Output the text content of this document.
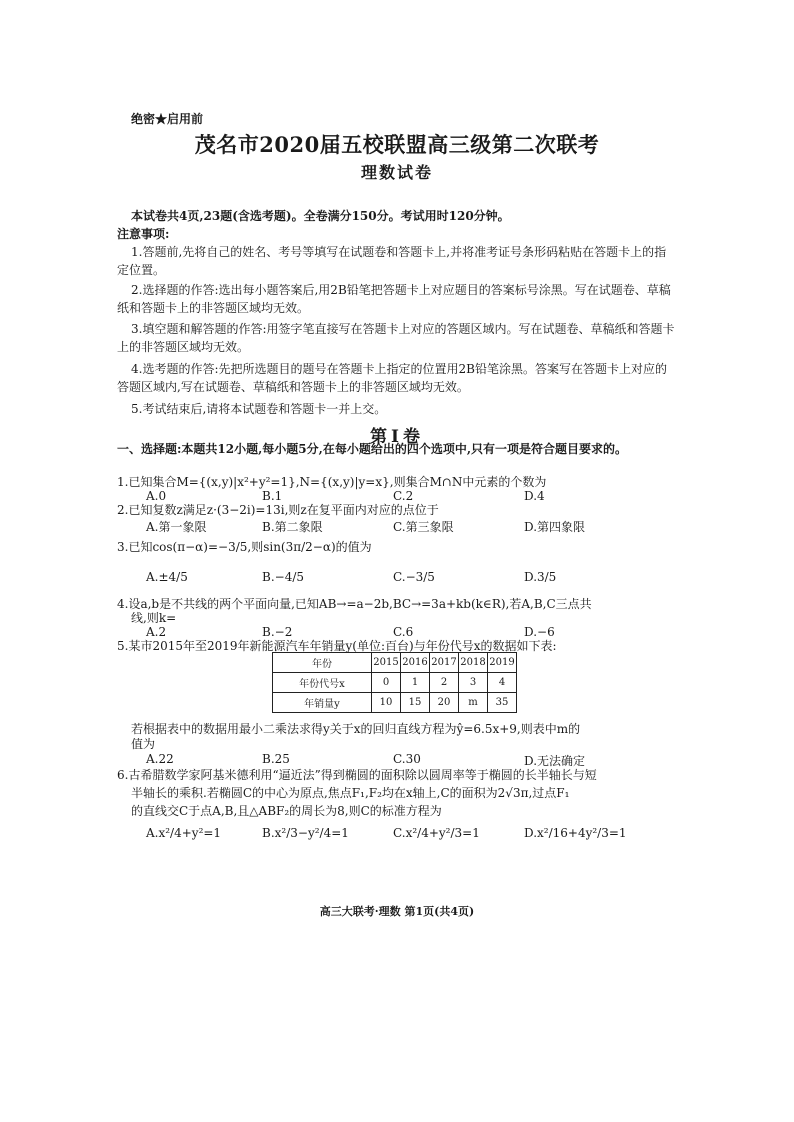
绝密★启用前
茂名市2020届五校联盟高三级第二次联考
理数试卷
本试卷共4页,23题(含选考题)。全卷满分150分。考试用时120分钟。
注意事项:
1.答题前,先将自己的姓名、考号等填写在试题卷和答题卡上,并将准考证号条形码粘贴在答题卡上的指定位置。
2.选择题的作答:选出每小题答案后,用2B铅笔把答题卡上对应题目的答案标号涂黑。写在试题卷、草稿纸和答题卡上的非答题区域均无效。
3.填空题和解答题的作答:用签字笔直接写在答题卡上对应的答题区域内。写在试题卷、草稿纸和答题卡上的非答题区域均无效。
4.选考题的作答:先把所选题目的题号在答题卡上指定的位置用2B铅笔涂黑。答案写在答题卡上对应的答题区域内,写在试题卷、草稿纸和答题卡上的非答题区域均无效。
5.考试结束后,请将本试题卷和答题卡一并上交。
第Ⅰ卷
一、选择题:本题共12小题,每小题5分,在每小题给出的四个选项中,只有一项是符合题目要求的。
1.已知集合M={(x,y)|x²+y²=1},N={(x,y)|y=x},则集合M∩N中元素的个数为
A.0	B.1	C.2	D.4
2.已知复数z满足z·(3−2i)=13i,则z在复平面内对应的点位于
A.第一象限	B.第二象限	C.第三象限	D.第四象限
3.已知cos(π−α)=−3/5,则sin(3π/2−α)的值为
A.±4/5	B.−4/5	C.−3/5	D.3/5
4.设a,b是不共线的两个平面向量,已知AB→=a−2b,BC→=3a+kb(k∈R),若A,B,C三点共
线,则k=
A.2	B.−2	C.6	D.−6
5.某市2015年至2019年新能源汽车年销量y(单位:百台)与年份代号x的数据如下表:
年份	2015	2016	2017	2018	2019
年份代号x	0	1	2	3	4
年销量y	10	15	20	m	35
若根据表中的数据用最小二乘法求得y关于x的回归直线方程为ŷ=6.5x+9,则表中m的
值为
A.22	B.25	C.30	D.无法确定
6.古希腊数学家阿基米德利用“逼近法”得到椭圆的面积除以圆周率等于椭圆的长半轴长与短
半轴长的乘积.若椭圆C的中心为原点,焦点F₁,F₂均在x轴上,C的面积为2√3π,过点F₁
的直线交C于点A,B,且△ABF₂的周长为8,则C的标准方程为
A.x²/4+y²=1	B.x²/3−y²/4=1	C.x²/4+y²/3=1	D.x²/16+4y²/3=1
高三大联考·理数 第1页(共4页)
